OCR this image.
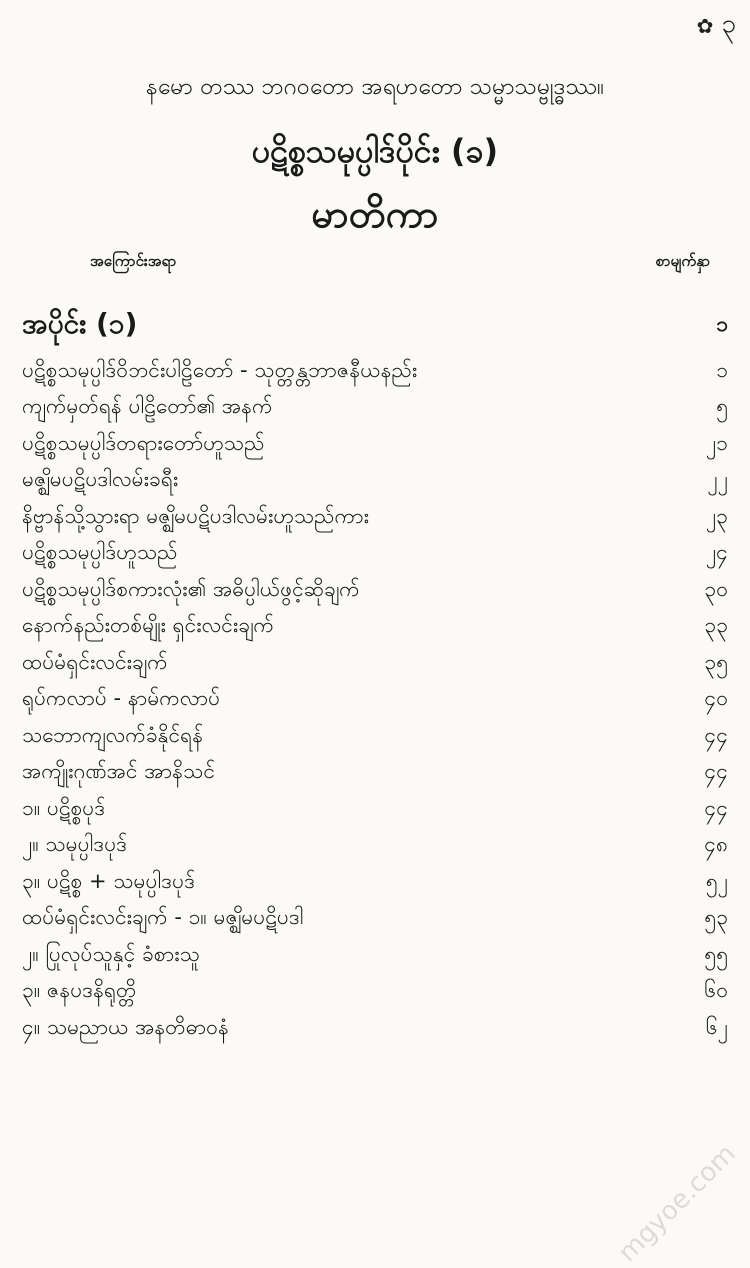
✿ ၃
နမော တဿ ဘဂဝတော အရဟတော သမ္မာသမ္ဗုဒ္ဓဿ။
ပဋိစ္စသမုပ္ပါဒ်ပိုင်း (ခ)
မာတိကာ
အကြောင်းအရာ	စာမျက်နှာ
အပိုင်း (၁)	၁
ပဋိစ္စသမုပ္ပါဒ်ဝိဘင်းပါဠိတော် - သုတ္တန္တဘာဇနီယနည်း	၁
ကျက်မှတ်ရန် ပါဠိတော်၏ အနက်	၅
ပဋိစ္စသမုပ္ပါဒ်တရားတော်ဟူသည်	၂၁
မဇ္ဈိမပဋိပဒါလမ်းခရီး	၂၂
နိဗ္ဗာန်သို့သွားရာ မဇ္ဈိမပဋိပဒါလမ်းဟူသည်ကား	၂၃
ပဋိစ္စသမုပ္ပါဒ်ဟူသည်	၂၄
ပဋိစ္စသမုပ္ပါဒ်စကားလုံး၏ အဓိပ္ပါယ်ဖွင့်ဆိုချက်	၃၀
နောက်နည်းတစ်မျိုး ရှင်းလင်းချက်	၃၃
ထပ်မံရှင်းလင်းချက်	၃၅
ရုပ်ကလာပ် - နာမ်ကလာပ်	၄၀
သဘောကျလက်ခံနိုင်ရန်	၄၄
အကျိုးဂုဏ်အင် အာနိသင်	၄၄
၁။ ပဋိစ္စပုဒ်	၄၄
၂။ သမုပ္ပါဒပုဒ်	၄၈
၃။ ပဋိစ္စ + သမုပ္ပါဒပုဒ်	၅၂
ထပ်မံရှင်းလင်းချက် - ၁။ မဇ္ဈိမပဋိပဒါ	၅၃
၂။ ပြုလုပ်သူနှင့် ခံစားသူ	၅၅
၃။ ဇနပဒနိရုတ္တိ	၆၀
၄။ သမညာယ အနတိဓာဝနံ	၆၂
mgyoe.com
